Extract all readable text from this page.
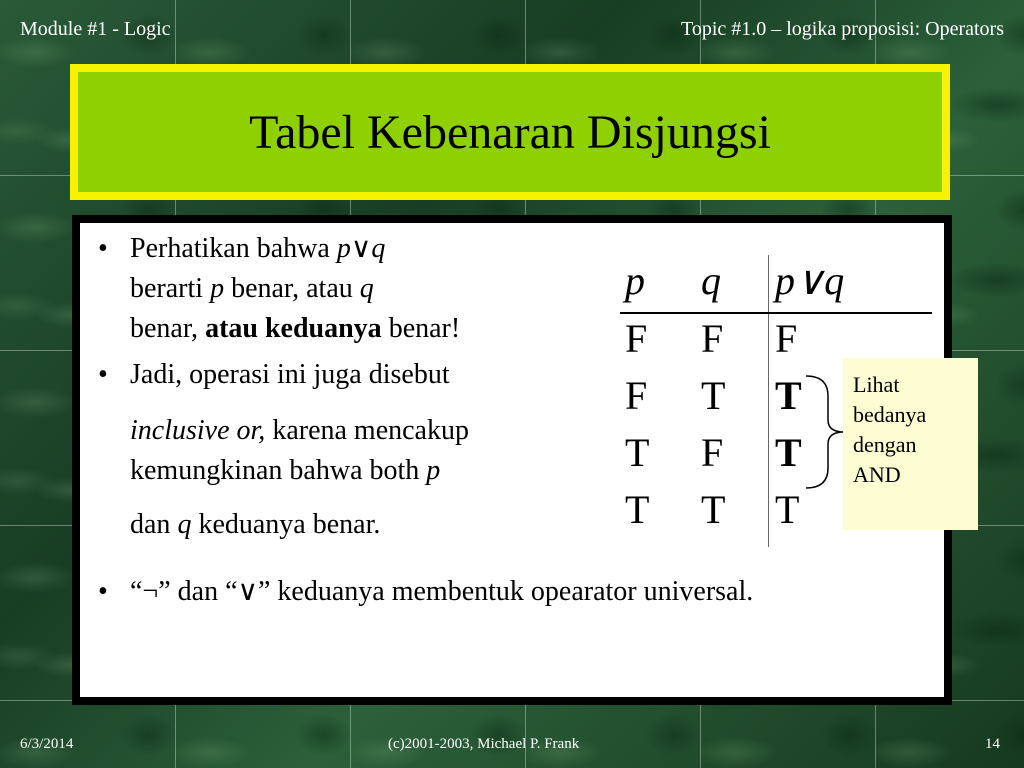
Module #1 - Logic	Topic #1.0 – logika proposisi: Operators
Tabel Kebenaran Disjungsi
• Perhatikan bahwa p∨q
berarti p benar, atau q
benar, atau keduanya benar!
• Jadi, operasi ini juga disebut
inclusive or, karena mencakup
kemungkinan bahwa both p
dan q keduanya benar.
• “¬” dan “∨” keduanya membentuk opearator universal.
p q p∨q
F F F
F T T
T F T
T T T
Lihat
bedanya
dengan
AND
6/3/2014	(c)2001-2003, Michael P. Frank	14
